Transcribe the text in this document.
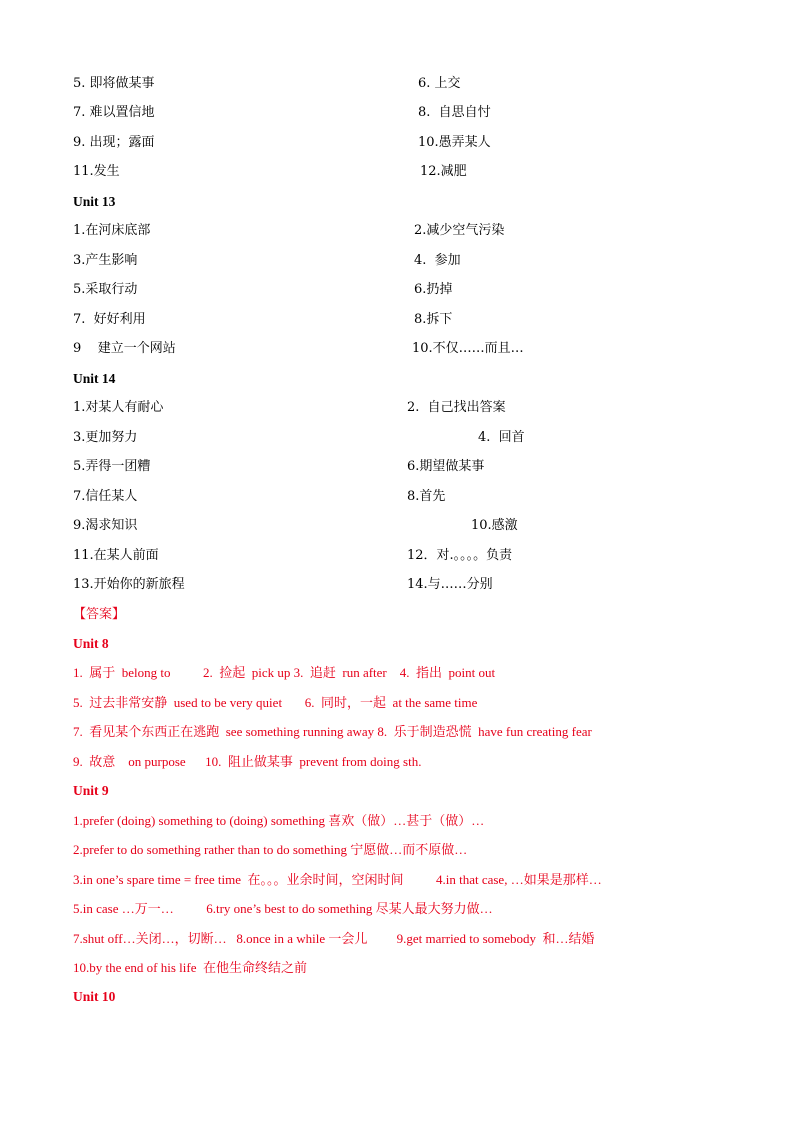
5. 即将做某事	6. 上交
7. 难以置信地	8.  自思自忖
9. 出现；露面	10.愚弄某人
11.发生	12.减肥
Unit 13
1.在河床底部	2.减少空气污染
3.产生影响	4.  参加
5.采取行动	6.扔掉
7.  好好利用	8.拆下
9    建立一个网站	10.不仅……而且…
Unit 14
1.对某人有耐心	2.  自己找出答案
3.更加努力	4.  回首
5.弄得一团糟	6.期望做某事
7.信任某人	8.首先
9.渴求知识	10.感激
11.在某人前面	12．对.。。。。负责
13.开始你的新旅程	14.与……分别
【答案】
Unit 8
1.  属于  belong to          2.  捡起  pick up 3.  追赶  run after    4.  指出  point out
5.  过去非常安静  used to be very quiet       6.  同时，一起  at the same time
7.  看见某个东西正在逃跑  see something running away 8.  乐于制造恐慌  have fun creating fear
9.  故意    on purpose      10.  阻止做某事  prevent from doing sth.
Unit 9
1.prefer (doing) something to (doing) something 喜欢（做）…甚于（做）…
2.prefer to do something rather than to do something 宁愿做…而不原做…
3.in one’s spare time = free time  在。。。业余时间，空闲时间          4.in that case, …如果是那样…
5.in case …万一…          6.try one’s best to do something 尽某人最大努力做…
7.shut off…关闭…，切断…   8.once in a while 一会儿         9.get married to somebody  和…结婚
10.by the end of his life  在他生命终结之前
Unit 10
